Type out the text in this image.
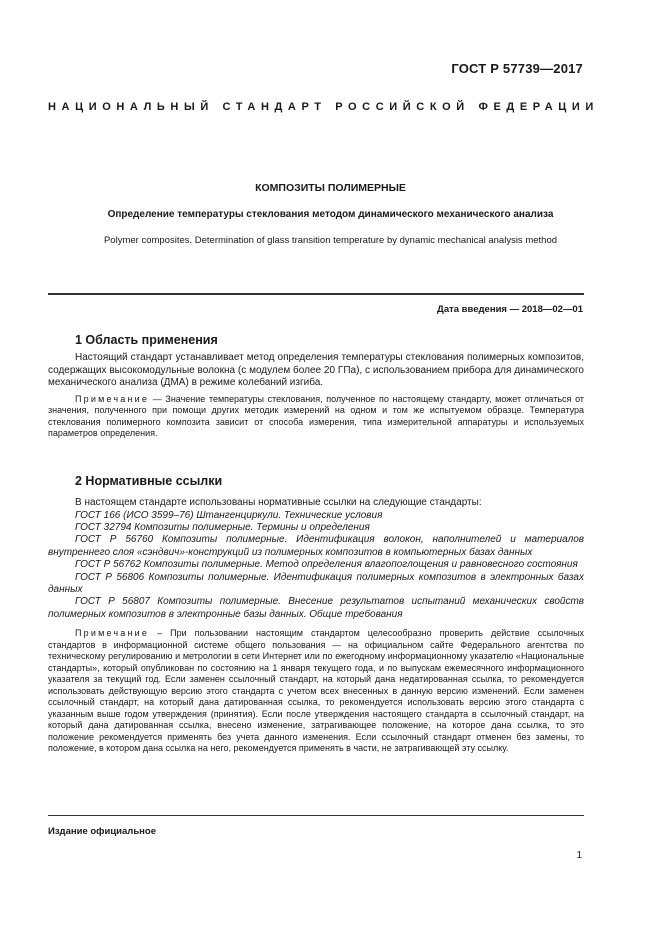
ГОСТ Р 57739—2017
НАЦИОНАЛЬНЫЙ СТАНДАРТ РОССИЙСКОЙ ФЕДЕРАЦИИ
КОМПОЗИТЫ ПОЛИМЕРНЫЕ
Определение температуры стеклования методом динамического механического анализа
Polymer composites. Determination of glass transition temperature by dynamic mechanical analysis method
Дата введения — 2018—02—01
1 Область применения

Настоящий стандарт устанавливает метод определения температуры стеклования полимерных композитов, содержащих высокомодульные волокна (с модулем более 20 ГПа), с использованием прибора для динамического механического анализа (ДМА) в режиме колебаний изгиба.

Примечание — Значение температуры стеклования, полученное по настоящему стандарту, может отличаться от значения, полученного при помощи других методик измерений на одном и том же испытуемом образце. Температура стеклования полимерного композита зависит от способа измерения, типа измерительной аппаратуры и используемых параметров определения.

2 Нормативные ссылки

В настоящем стандарте использованы нормативные ссылки на следующие стандарты:

ГОСТ 166 (ИСО 3599–76) Штангенциркули. Технические условия

ГОСТ 32794 Композиты полимерные. Термины и определения

ГОСТ Р 56760 Композиты полимерные. Идентификация волокон, наполнителей и материалов внутреннего слоя «сэндвич»-конструкций из полимерных композитов в компьютерных базах данных

ГОСТ Р 56762 Композиты полимерные. Метод определения влагопоглощения и равновесного состояния

ГОСТ Р 56806 Композиты полимерные. Идентификация полимерных композитов в электронных базах данных

ГОСТ Р 56807 Композиты полимерные. Внесение результатов испытаний механических свойств полимерных композитов в электронные базы данных. Общие требования

Примечание – При пользовании настоящим стандартом целесообразно проверить действие ссылочных стандартов в информационной системе общего пользования — на официальном сайте Федерального агентства по техническому регулированию и метрологии в сети Интернет или по ежегодному информационному указателю «Национальные стандарты», который опубликован по состоянию на 1 января текущего года, и по выпускам ежемесячного информационного указателя за текущий год. Если заменен ссылочный стандарт, на который дана недатированная ссылка, то рекомендуется использовать действующую версию этого стандарта с учетом всех внесенных в данную версию изменений. Если заменен ссылочный стандарт, на который дана датированная ссылка, то рекомендуется использовать версию этого стандарта с указанным выше годом утверждения (принятия). Если после утверждения настоящего стандарта в ссылочный стандарт, на который дана датированная ссылка, внесено изменение, затрагивающее положение, на которое дана ссылка, то это положение рекомендуется применять без учета данного изменения. Если ссылочный стандарт отменен без замены, то положение, в котором дана ссылка на него, рекомендуется применять в части, не затрагивающей эту ссылку.

Издание официальное
1
